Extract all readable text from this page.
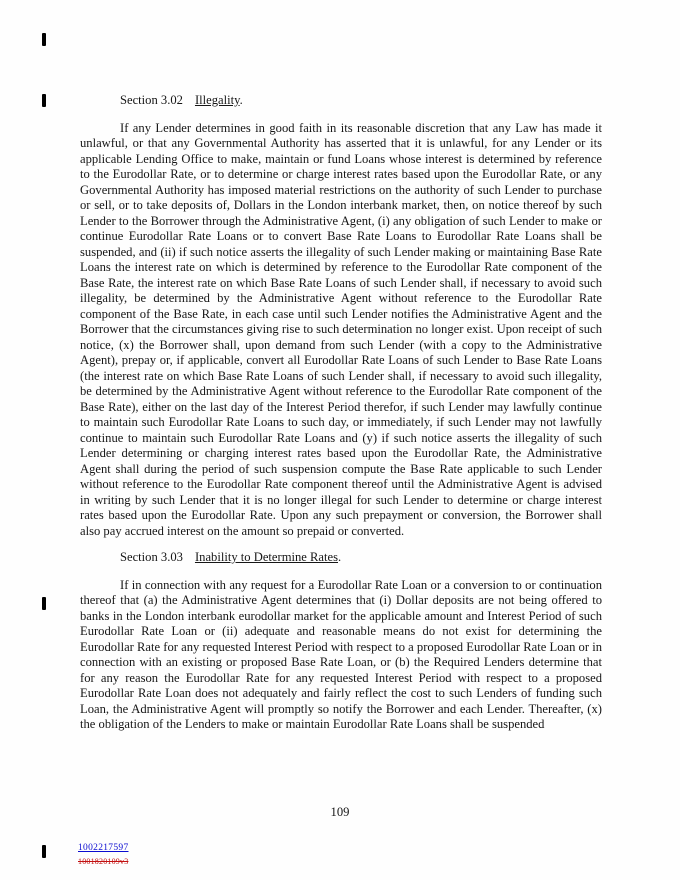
Section 3.02 Illegality.

If any Lender determines in good faith in its reasonable discretion that any Law has made it unlawful, or that any Governmental Authority has asserted that it is unlawful, for any Lender or its applicable Lending Office to make, maintain or fund Loans whose interest is determined by reference to the Eurodollar Rate, or to determine or charge interest rates based upon the Eurodollar Rate, or any Governmental Authority has imposed material restrictions on the authority of such Lender to purchase or sell, or to take deposits of, Dollars in the London interbank market, then, on notice thereof by such Lender to the Borrower through the Administrative Agent, (i) any obligation of such Lender to make or continue Eurodollar Rate Loans or to convert Base Rate Loans to Eurodollar Rate Loans shall be suspended, and (ii) if such notice asserts the illegality of such Lender making or maintaining Base Rate Loans the interest rate on which is determined by reference to the Eurodollar Rate component of the Base Rate, the interest rate on which Base Rate Loans of such Lender shall, if necessary to avoid such illegality, be determined by the Administrative Agent without reference to the Eurodollar Rate component of the Base Rate, in each case until such Lender notifies the Administrative Agent and the Borrower that the circumstances giving rise to such determination no longer exist. Upon receipt of such notice, (x) the Borrower shall, upon demand from such Lender (with a copy to the Administrative Agent), prepay or, if applicable, convert all Eurodollar Rate Loans of such Lender to Base Rate Loans (the interest rate on which Base Rate Loans of such Lender shall, if necessary to avoid such illegality, be determined by the Administrative Agent without reference to the Eurodollar Rate component of the Base Rate), either on the last day of the Interest Period therefor, if such Lender may lawfully continue to maintain such Eurodollar Rate Loans to such day, or immediately, if such Lender may not lawfully continue to maintain such Eurodollar Rate Loans and (y) if such notice asserts the illegality of such Lender determining or charging interest rates based upon the Eurodollar Rate, the Administrative Agent shall during the period of such suspension compute the Base Rate applicable to such Lender without reference to the Eurodollar Rate component thereof until the Administrative Agent is advised in writing by such Lender that it is no longer illegal for such Lender to determine or charge interest rates based upon the Eurodollar Rate. Upon any such prepayment or conversion, the Borrower shall also pay accrued interest on the amount so prepaid or converted.

Section 3.03 Inability to Determine Rates.

If in connection with any request for a Eurodollar Rate Loan or a conversion to or continuation thereof that (a) the Administrative Agent determines that (i) Dollar deposits are not being offered to banks in the London interbank eurodollar market for the applicable amount and Interest Period of such Eurodollar Rate Loan or (ii) adequate and reasonable means do not exist for determining the Eurodollar Rate for any requested Interest Period with respect to a proposed Eurodollar Rate Loan or in connection with an existing or proposed Base Rate Loan, or (b) the Required Lenders determine that for any reason the Eurodollar Rate for any requested Interest Period with respect to a proposed Eurodollar Rate Loan does not adequately and fairly reflect the cost to such Lenders of funding such Loan, the Administrative Agent will promptly so notify the Borrower and each Lender. Thereafter, (x) the obligation of the Lenders to make or maintain Eurodollar Rate Loans shall be suspended

109
1002217597
1001820109v3
